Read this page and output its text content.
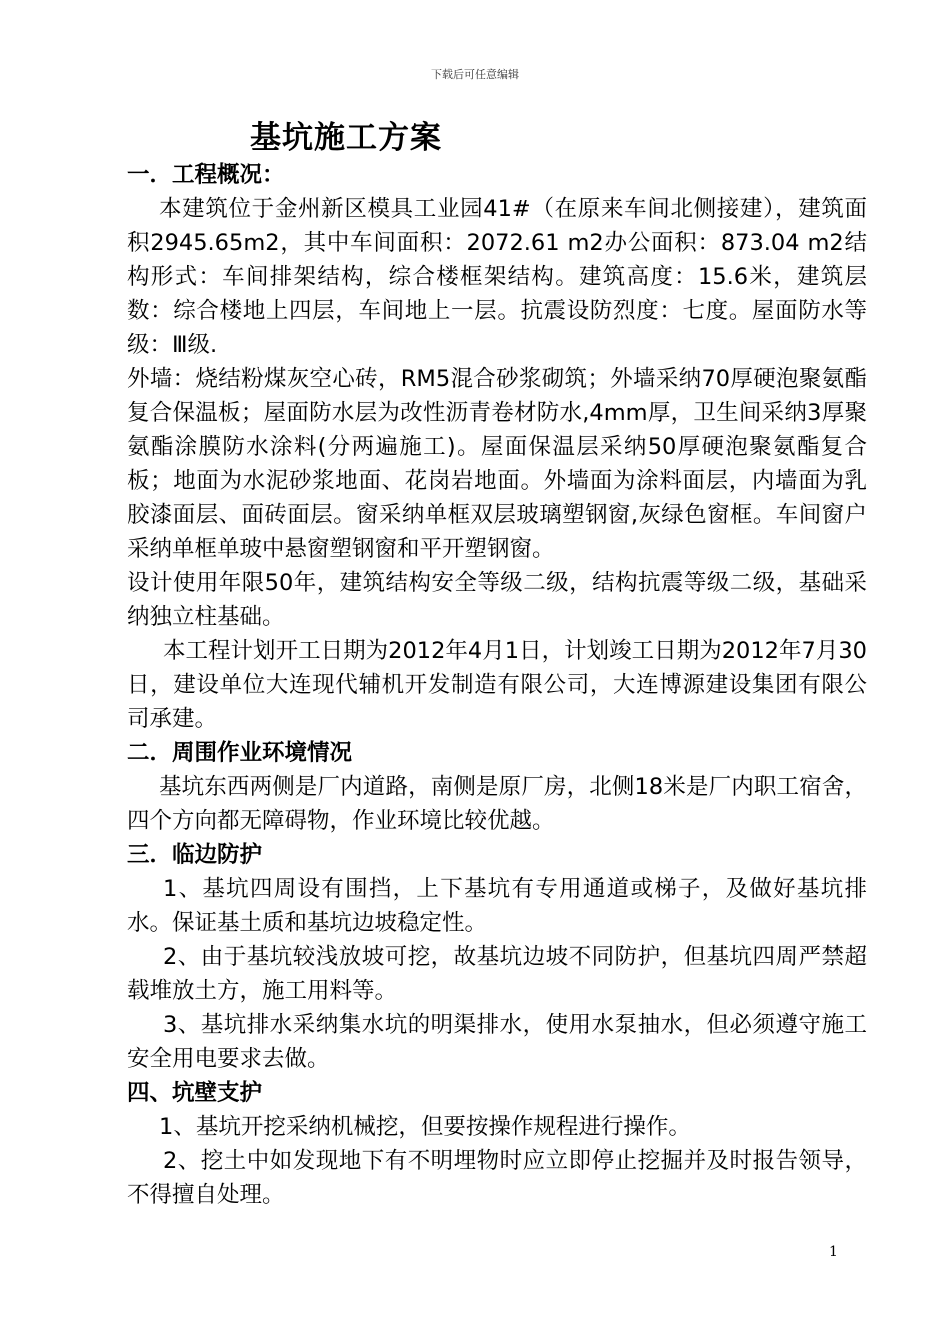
下载后可任意编辑
基坑施工方案
一．工程概况：

本建筑位于金州新区模具工业园41#（在原来车间北侧接建），建筑面积2945.65m2，其中车间面积：2072.61 m2办公面积：873.04 m2结构形式：车间排架结构，综合楼框架结构。建筑高度：15.6米，建筑层数：综合楼地上四层，车间地上一层。抗震设防烈度：七度。屋面防水等级：Ⅲ级.

外墙：烧结粉煤灰空心砖，RM5混合砂浆砌筑；外墙采纳70厚硬泡聚氨酯复合保温板；屋面防水层为改性沥青卷材防水,4mm厚，卫生间采纳3厚聚氨酯涂膜防水涂料(分两遍施工)。屋面保温层采纳50厚硬泡聚氨酯复合板；地面为水泥砂浆地面、花岗岩地面。外墙面为涂料面层，内墙面为乳胶漆面层、面砖面层。窗采纳单框双层玻璃塑钢窗,灰绿色窗框。车间窗户采纳单框单玻中悬窗塑钢窗和平开塑钢窗。

设计使用年限50年，建筑结构安全等级二级，结构抗震等级二级，基础采纳独立柱基础。

本工程计划开工日期为2012年4月1日，计划竣工日期为2012年7月30日，建设单位大连现代辅机开发制造有限公司，大连博源建设集团有限公司承建。

二．周围作业环境情况

基坑东西两侧是厂内道路，南侧是原厂房，北侧18米是厂内职工宿舍，四个方向都无障碍物，作业环境比较优越。

三．临边防护

1、基坑四周设有围挡，上下基坑有专用通道或梯子，及做好基坑排水。保证基土质和基坑边坡稳定性。

2、由于基坑较浅放坡可挖，故基坑边坡不同防护，但基坑四周严禁超载堆放土方，施工用料等。

3、基坑排水采纳集水坑的明渠排水，使用水泵抽水，但必须遵守施工安全用电要求去做。

四、坑壁支护

1、基坑开挖采纳机械挖，但要按操作规程进行操作。

2、挖土中如发现地下有不明埋物时应立即停止挖掘并及时报告领导，不得擅自处理。

1
